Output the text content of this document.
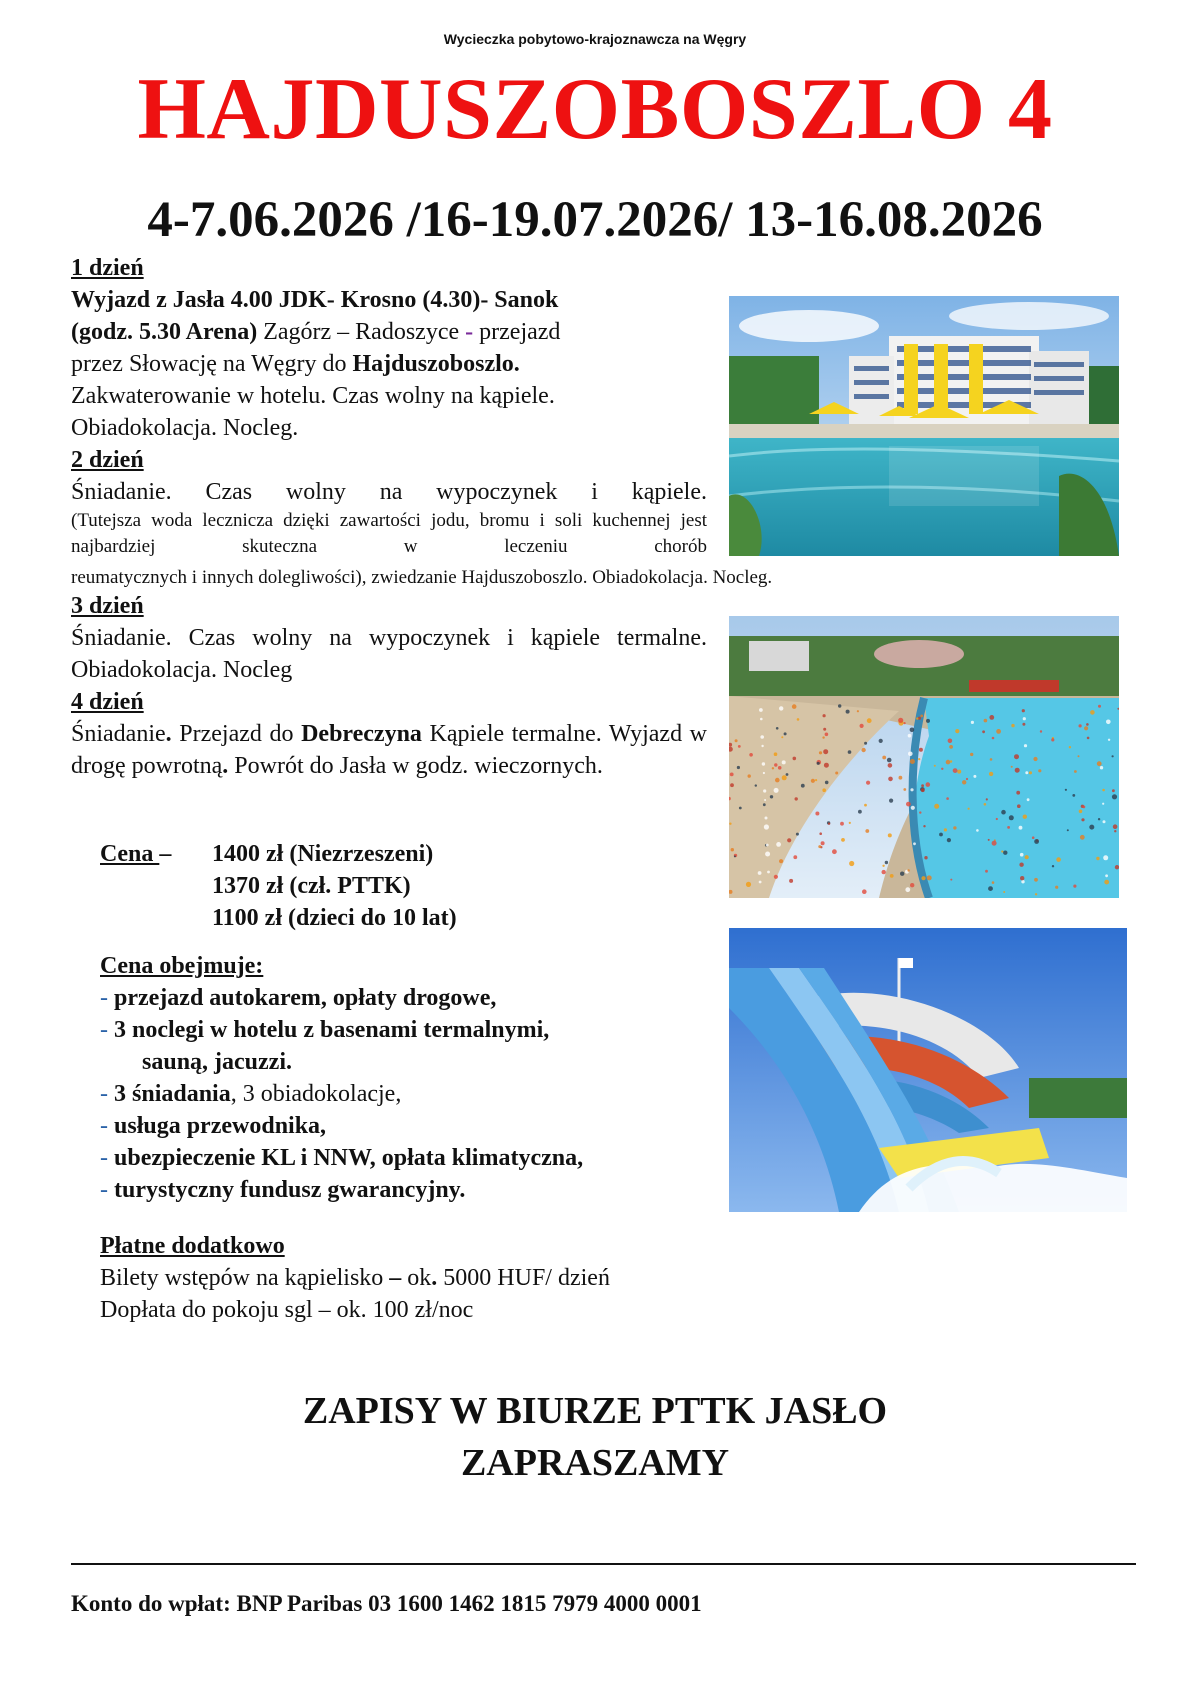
Wycieczka pobytowo-krajoznawcza na Węgry
HAJDUSZOBOSZLO 4
4-7.06.2026 /16-19.07.2026/ 13-16.08.2026
1 dzień
Wyjazd z Jasła 4.00 JDK- Krosno (4.30)- Sanok
(godz. 5.30 Arena) Zagórz – Radoszyce - przejazd
przez Słowację na Węgry do Hajduszoboszlo.
Zakwaterowanie w hotelu. Czas wolny na kąpiele.
Obiadokolacja. Nocleg.
2 dzień
Śniadanie. Czas wolny na wypoczynek i kąpiele.
(Tutejsza woda lecznicza dzięki zawartości jodu, bromu i soli kuchennej jest najbardziej skuteczna w leczeniu chorób
reumatycznych i innych dolegliwości), zwiedzanie Hajduszoboszlo. Obiadokolacja. Nocleg.
3 dzień
Śniadanie. Czas wolny na wypoczynek i kąpiele termalne. Obiadokolacja. Nocleg
4 dzień
Śniadanie. Przejazd do Debreczyna Kąpiele termalne. Wyjazd w drogę powrotną. Powrót do Jasła w godz. wieczornych.
Cena –	1400 zł (Niezrzeszeni)
1370 zł (czł. PTTK)
1100 zł (dzieci do 10 lat)
Cena obejmuje:
- przejazd autokarem, opłaty drogowe,
- 3 noclegi w hotelu z basenami termalnymi,
sauną, jacuzzi.
- 3 śniadania, 3 obiadokolacje,
- usługa przewodnika,
- ubezpieczenie KL i NNW, opłata klimatyczna,
- turystyczny fundusz gwarancyjny.
Płatne dodatkowo
Bilety wstępów na kąpielisko – ok. 5000 HUF/ dzień
Dopłata do pokoju sgl – ok. 100 zł/noc
ZAPISY W BIURZE PTTK JASŁO
ZAPRASZAMY
Konto do wpłat: BNP Paribas 03 1600 1462 1815 7979 4000 0001
